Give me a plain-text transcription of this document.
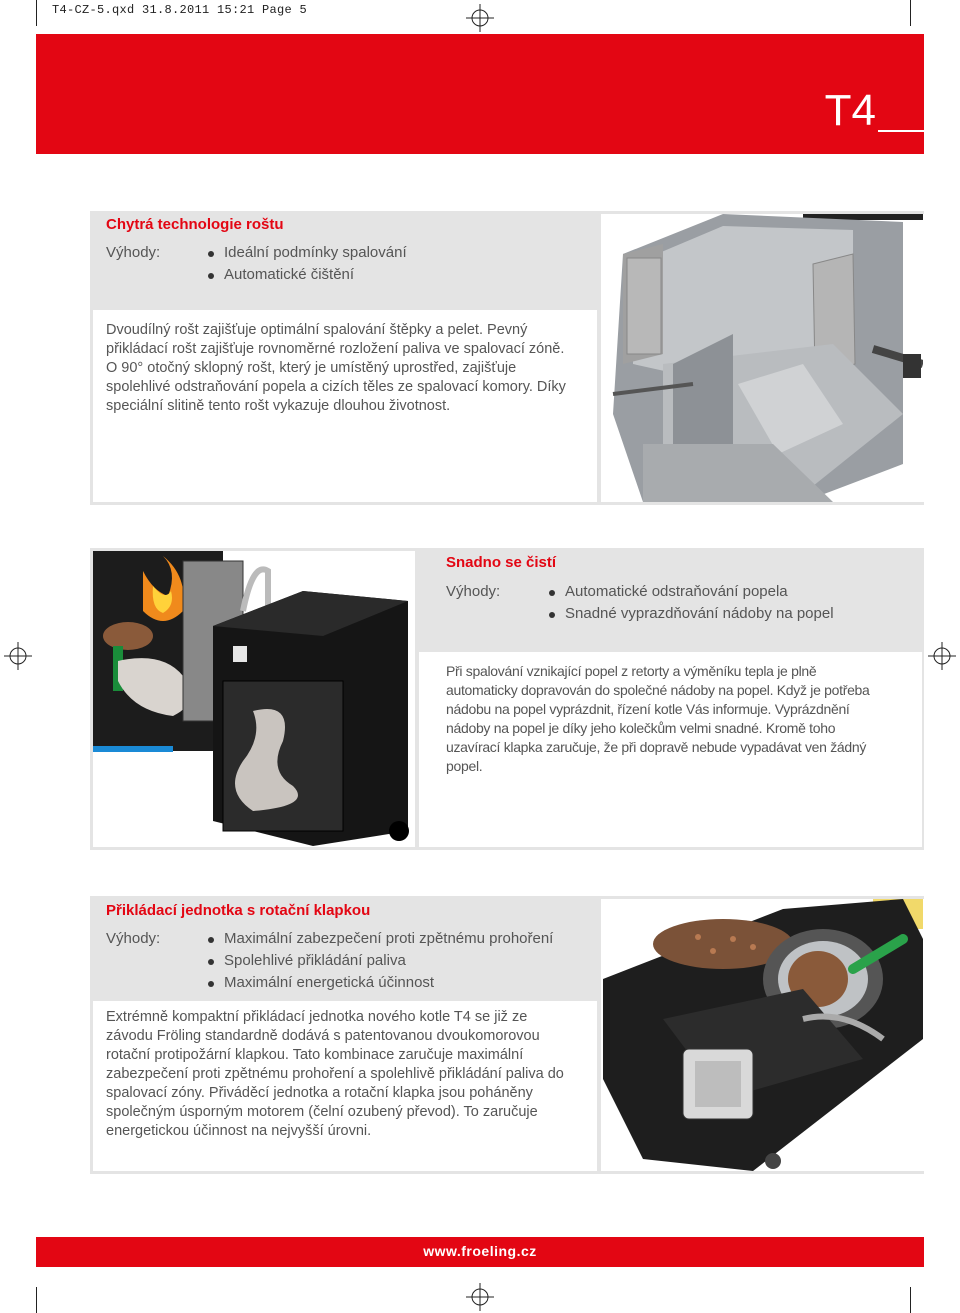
T4-CZ-5.qxd 31.8.2011 15:21 Page 5
T4
Chytrá technologie roštu
Výhody:	Ideální podmínky spalování
Automatické čištění

Dvoudílný rošt zajišťuje optimální spalování štěpky a pelet. Pevný přikládací rošt zajišťuje rovnoměrné rozložení paliva ve spalovací zóně. O 90° otočný sklopný rošt, který je umístěný uprostřed, zajišťuje spolehlivé odstraňování popela a cizích těles ze spalovací komory. Díky speciální slitině tento rošt vykazuje dlouhou životnost.

Snadno se čistí
Výhody:	Automatické odstraňování popela
Snadné vyprazdňování nádoby na popel

Při spalování vznikající popel z retorty a výměníku tepla je plně automaticky dopravován do společné nádoby na popel. Když je potřeba nádobu na popel vyprázdnit, řízení kotle Vás informuje. Vyprázdnění nádoby na popel je díky jeho kolečkům velmi snadné. Kromě toho uzavírací klapka zaručuje, že při dopravě nebude vypadávat ven žádný popel.

Přikládací jednotka s rotační klapkou
Výhody:	Maximální zabezpečení proti zpětnému prohoření
Spolehlivé přikládání paliva
Maximální energetická účinnost

Extrémně kompaktní přikládací jednotka nového kotle T4 se již ze závodu Fröling standardně dodává s patentovanou dvoukomorovou rotační protipožární klapkou. Tato kombinace zaručuje maximální zabezpečení proti zpětnému prohoření a spolehlivě přikládání paliva do spalovací zóny. Přiváděcí jednotka a rotační klapka jsou poháněny společným úsporným motorem (čelní ozubený převod). To zaručuje energetickou účinnost na nejvyšší úrovni.

www.froeling.cz
